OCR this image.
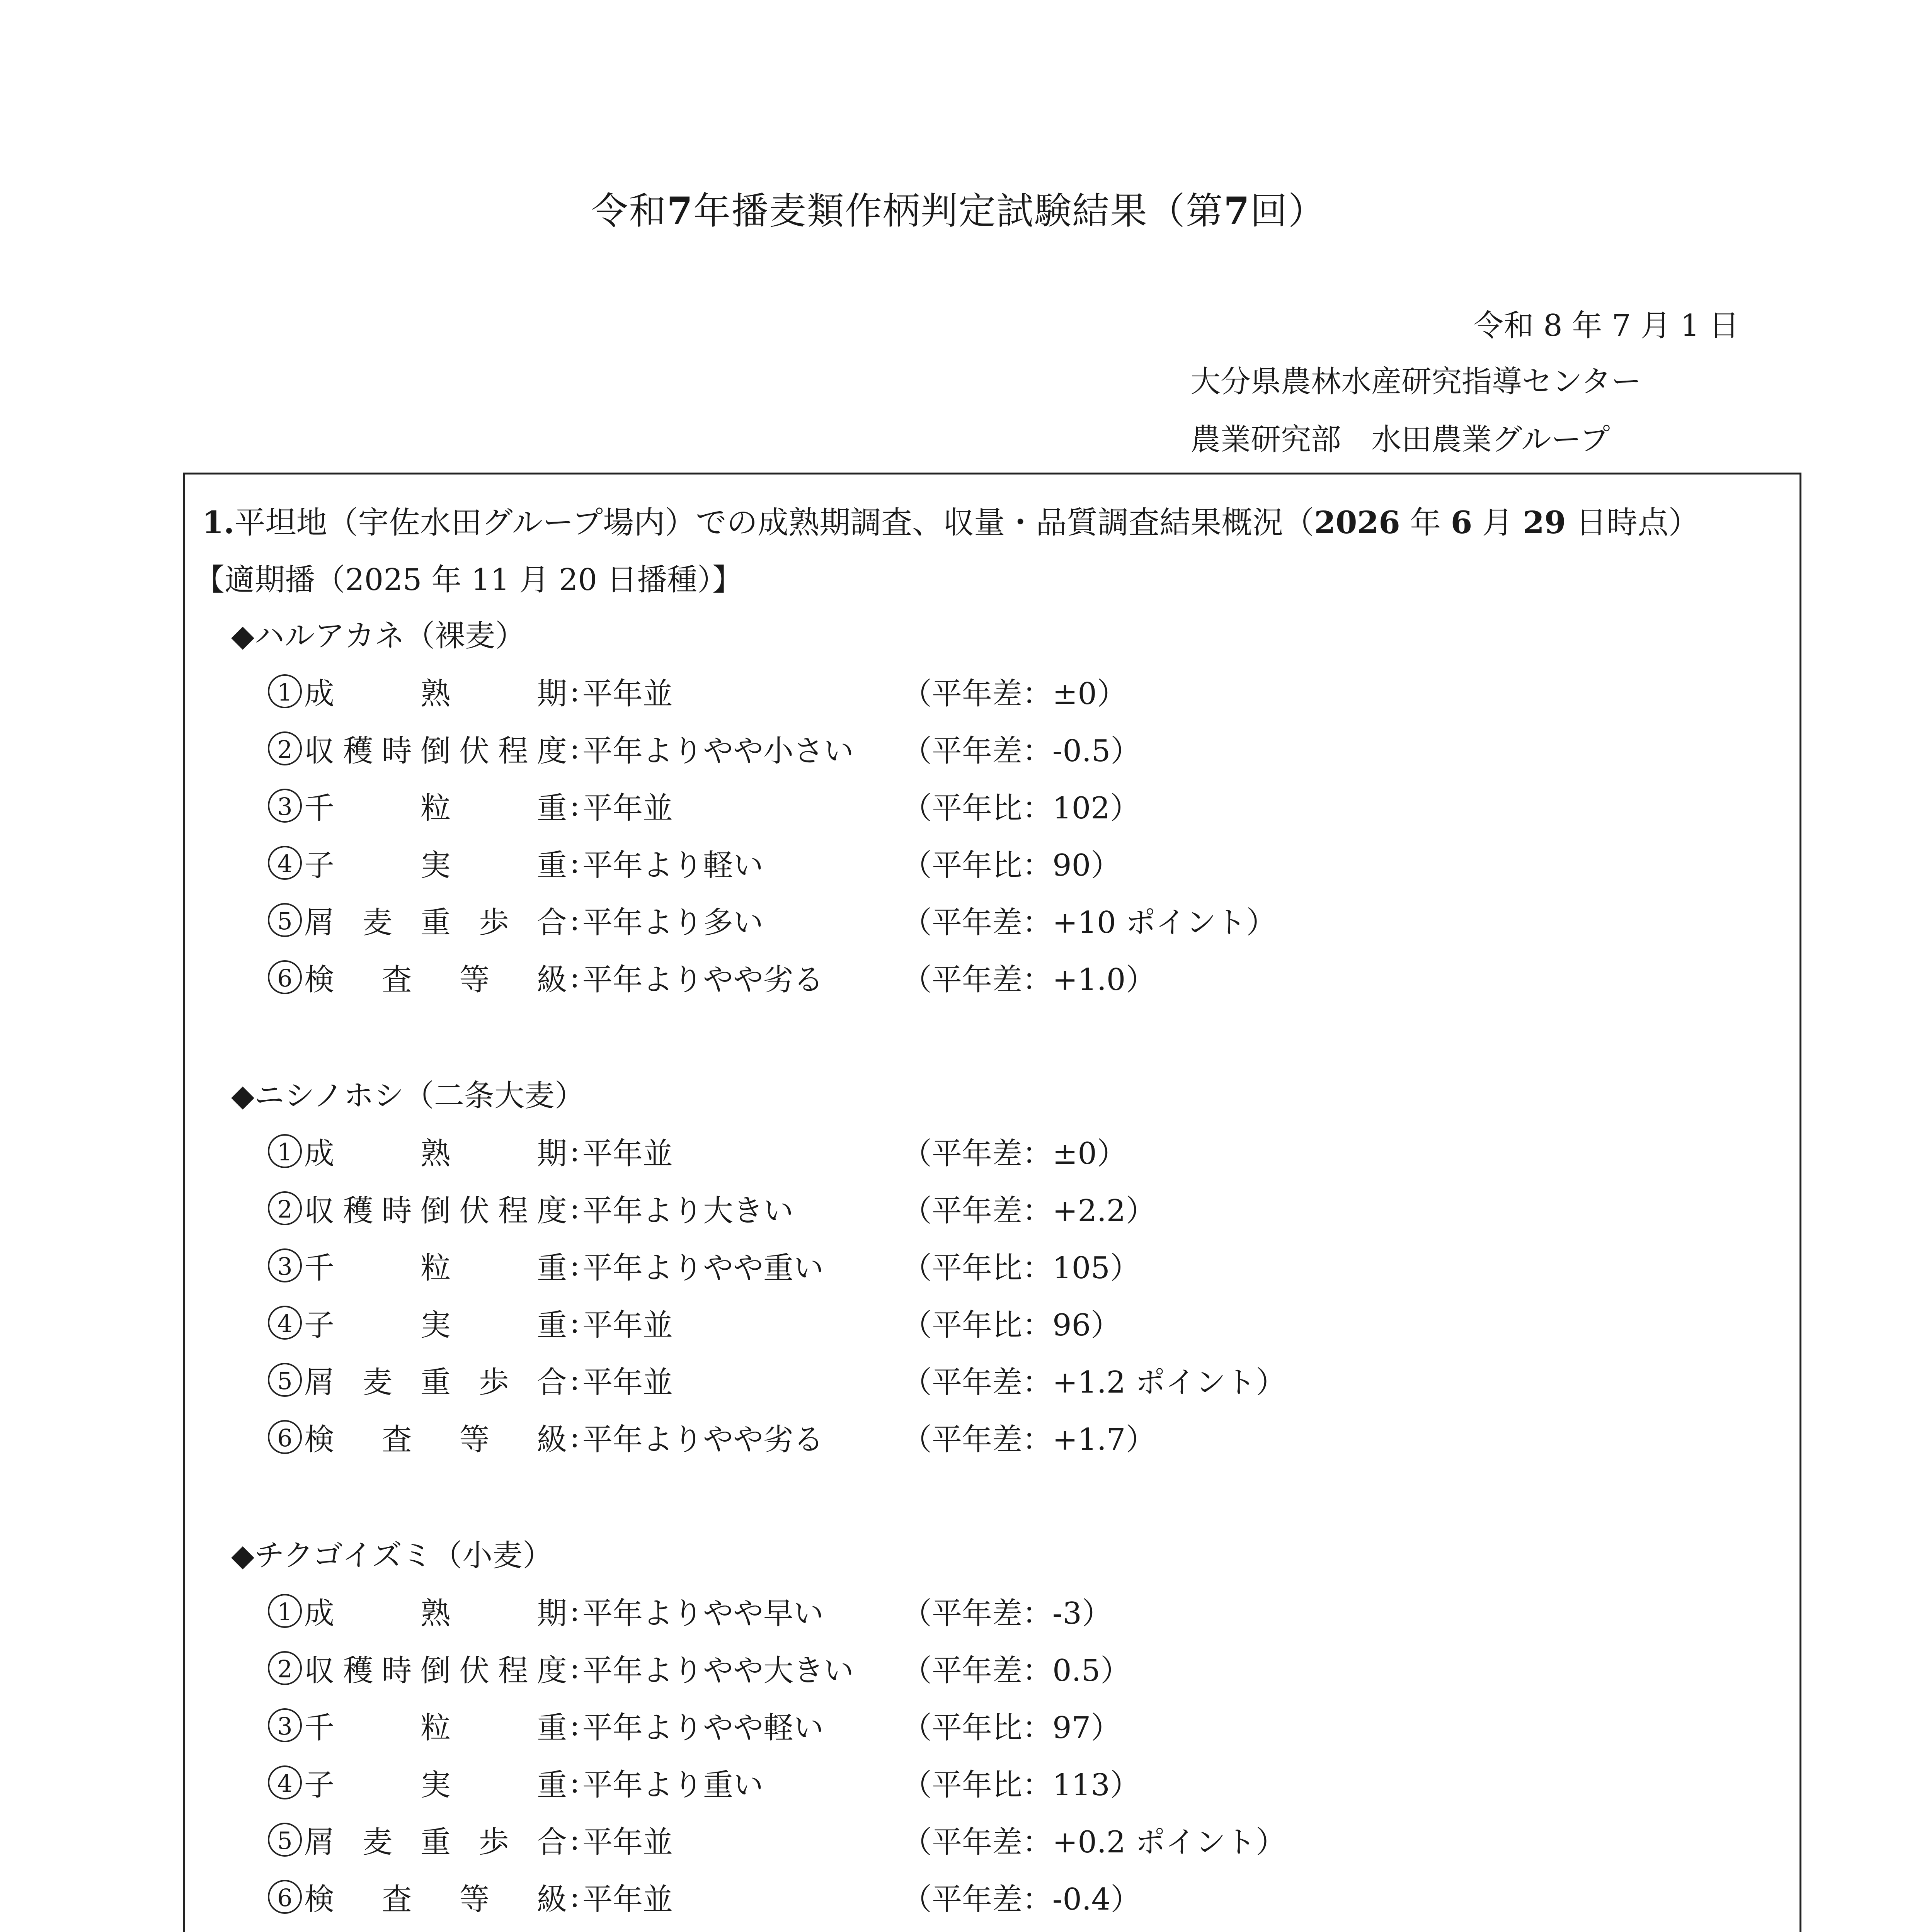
令和7年播麦類作柄判定試験結果（第7回）
令和 8 年 7 月 1 日
大分県農林水産研究指導センター
農業研究部　水田農業グループ
1.平坦地（宇佐水田グループ場内）での成熟期調査、収量・品質調査結果概況（2026 年 6 月 29 日時点）
【適期播（2025 年 11 月 20 日播種）】
◆ハルアカネ（裸麦）
1 成熟期:平年並	（平年差：±0）
2 収穫時倒伏程度:平年よりやや小さい （平年差：-0.5）
3 千粒重:平年並	（平年比：102）
4 子実重:平年より軽い	（平年比：90）
5 屑麦重歩合:平年より多い	（平年差：+10 ポイント）
6 検査等級:平年よりやや劣る	（平年差：+1.0）
◆ニシノホシ（二条大麦）
1 成熟期:平年並	（平年差：±0）
2 収穫時倒伏程度:平年より大きい	（平年差：+2.2）
3 千粒重:平年よりやや重い	（平年比：105）
4 子実重:平年並	（平年比：96）
5 屑麦重歩合:平年並	（平年差：+1.2 ポイント）
6 検査等級:平年よりやや劣る	（平年差：+1.7）
◆チクゴイズミ（小麦）
1 成熟期:平年よりやや早い	（平年差：-3）
2 収穫時倒伏程度:平年よりやや大きい （平年差：0.5）
3 千粒重:平年よりやや軽い	（平年比：97）
4 子実重:平年より重い	（平年比：113）
5 屑麦重歩合:平年並	（平年差：+0.2 ポイント）
6 検査等級:平年並	（平年差：-0.4）
